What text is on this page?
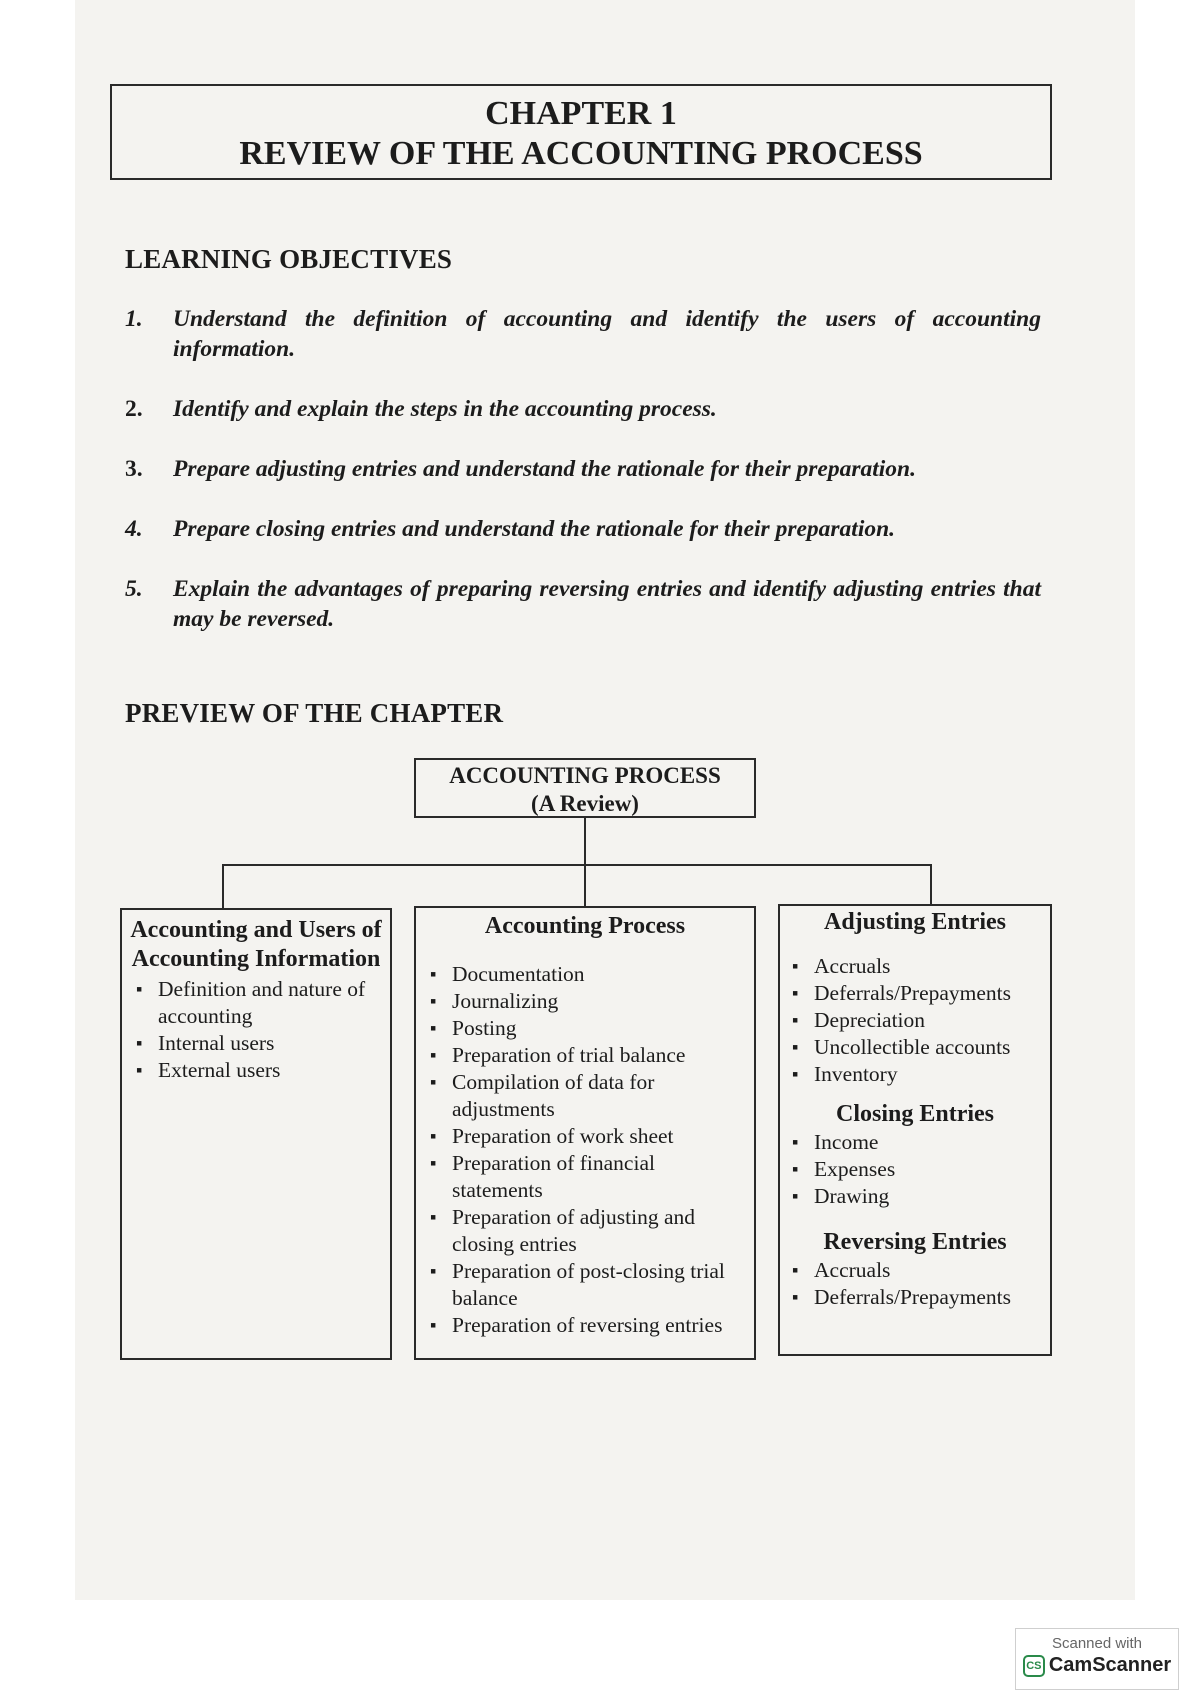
CHAPTER 1
REVIEW OF THE ACCOUNTING PROCESS
LEARNING OBJECTIVES
1. Understand the definition of accounting and identify the users of accounting information.
2. Identify and explain the steps in the accounting process.
3. Prepare adjusting entries and understand the rationale for their preparation.
4. Prepare closing entries and understand the rationale for their preparation.
5. Explain the advantages of preparing reversing entries and identify adjusting entries that may be reversed.
PREVIEW OF THE CHAPTER
ACCOUNTING PROCESS
(A Review)
Accounting and Users of Accounting Information
▪ Definition and nature of accounting
▪ Internal users
▪ External users
Accounting Process
▪ Documentation
▪ Journalizing
▪ Posting
▪ Preparation of trial balance
▪ Compilation of data for adjustments
▪ Preparation of work sheet
▪ Preparation of financial statements
▪ Preparation of adjusting and closing entries
▪ Preparation of post-closing trial balance
▪ Preparation of reversing entries
Adjusting Entries
▪ Accruals
▪ Deferrals/Prepayments
▪ Depreciation
▪ Uncollectible accounts
▪ Inventory
Closing Entries
▪ Income
▪ Expenses
▪ Drawing
Reversing Entries
▪ Accruals
▪ Deferrals/Prepayments
Scanned with
CS CamScanner
